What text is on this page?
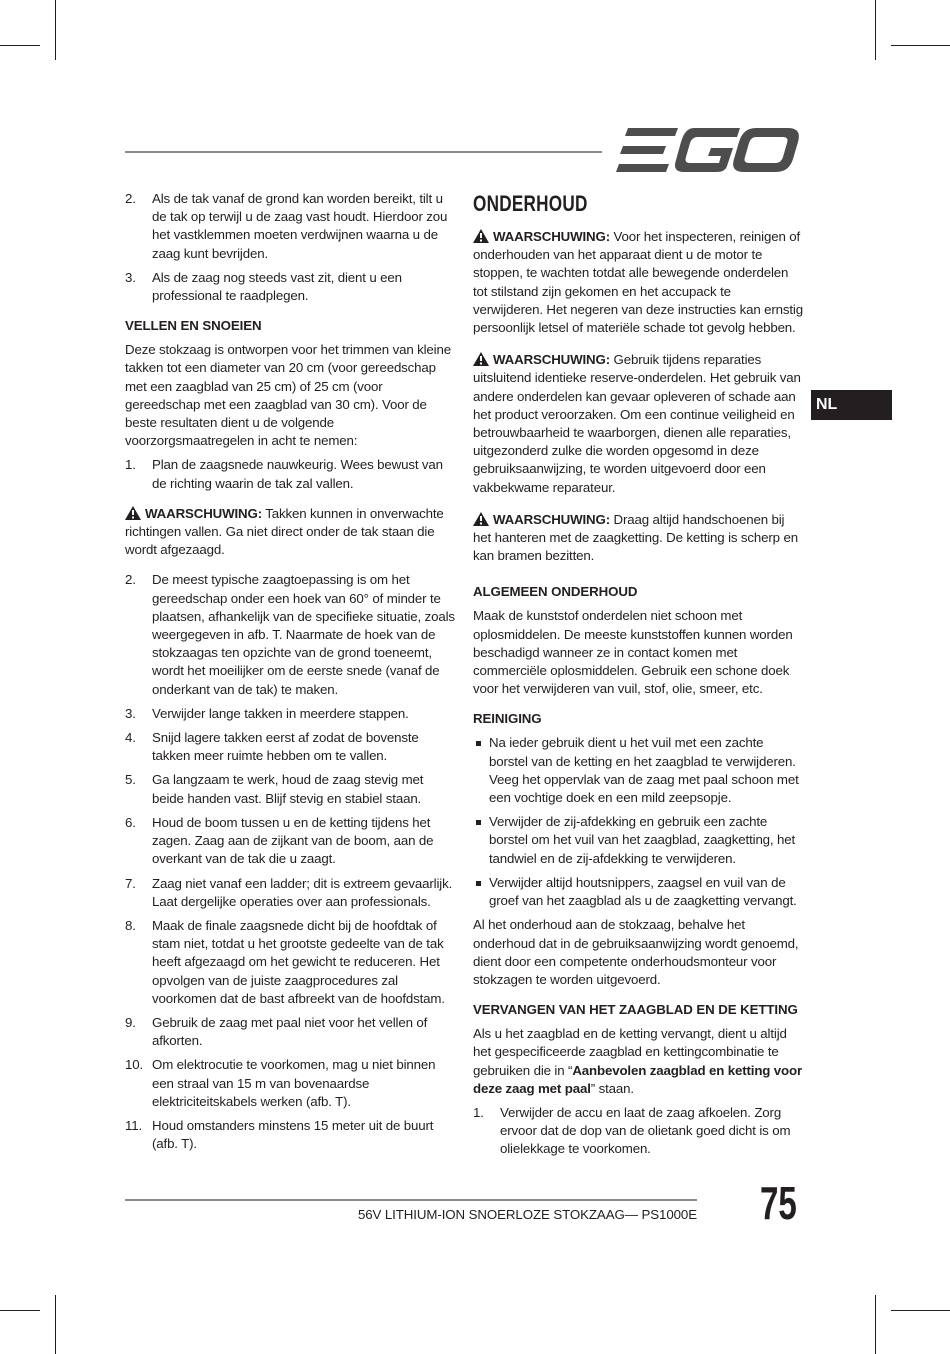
NL
2. Als de tak vanaf de grond kan worden bereikt, tilt u de tak op terwijl u de zaag vast houdt. Hierdoor zou het vastklemmen moeten verdwijnen waarna u de zaag kunt bevrijden.

3. Als de zaag nog steeds vast zit, dient u een professional te raadplegen.

VELLEN EN SNOEIEN

Deze stokzaag is ontworpen voor het trimmen van kleine takken tot een diameter van 20 cm (voor gereedschap met een zaagblad van 25 cm) of 25 cm (voor gereedschap met een zaagblad van 30 cm). Voor de beste resultaten dient u de volgende voorzorgsmaatregelen in acht te nemen:

1. Plan de zaagsnede nauwkeurig. Wees bewust van de richting waarin de tak zal vallen.

WAARSCHUWING: Takken kunnen in onverwachte richtingen vallen. Ga niet direct onder de tak staan die wordt afgezaagd.

2. De meest typische zaagtoepassing is om het gereedschap onder een hoek van 60° of minder te plaatsen, afhankelijk van de specifieke situatie, zoals weergegeven in afb. T. Naarmate de hoek van de stokzaagas ten opzichte van de grond toeneemt, wordt het moeilijker om de eerste snede (vanaf de onderkant van de tak) te maken.

3. Verwijder lange takken in meerdere stappen.

4. Snijd lagere takken eerst af zodat de bovenste takken meer ruimte hebben om te vallen.

5. Ga langzaam te werk, houd de zaag stevig met beide handen vast. Blijf stevig en stabiel staan.

6. Houd de boom tussen u en de ketting tijdens het zagen. Zaag aan de zijkant van de boom, aan de overkant van de tak die u zaagt.

7. Zaag niet vanaf een ladder; dit is extreem gevaarlijk. Laat dergelijke operaties over aan professionals.

8. Maak de finale zaagsnede dicht bij de hoofdtak of stam niet, totdat u het grootste gedeelte van de tak heeft afgezaagd om het gewicht te reduceren. Het opvolgen van de juiste zaagprocedures zal voorkomen dat de bast afbreekt van de hoofdstam.

9. Gebruik de zaag met paal niet voor het vellen of afkorten.

10. Om elektrocutie te voorkomen, mag u niet binnen een straal van 15 m van bovenaardse elektriciteitskabels werken (afb. T).

11. Houd omstanders minstens 15 meter uit de buurt (afb. T).

ONDERHOUD

WAARSCHUWING: Voor het inspecteren, reinigen of onderhouden van het apparaat dient u de motor te stoppen, te wachten totdat alle bewegende onderdelen tot stilstand zijn gekomen en het accupack te verwijderen. Het negeren van deze instructies kan ernstig persoonlijk letsel of materiële schade tot gevolg hebben.

WAARSCHUWING: Gebruik tijdens reparaties uitsluitend identieke reserve-onderdelen. Het gebruik van andere onderdelen kan gevaar opleveren of schade aan het product veroorzaken. Om een continue veiligheid en betrouwbaarheid te waarborgen, dienen alle reparaties, uitgezonderd zulke die worden opgesomd in deze gebruiksaanwijzing, te worden uitgevoerd door een vakbekwame reparateur.

WAARSCHUWING: Draag altijd handschoenen bij het hanteren met de zaagketting. De ketting is scherp en kan bramen bezitten.

ALGEMEEN ONDERHOUD

Maak de kunststof onderdelen niet schoon met oplosmiddelen. De meeste kunststoffen kunnen worden beschadigd wanneer ze in contact komen met commerciële oplosmiddelen. Gebruik een schone doek voor het verwijderen van vuil, stof, olie, smeer, etc.

REINIGING

Na ieder gebruik dient u het vuil met een zachte borstel van de ketting en het zaagblad te verwijderen. Veeg het oppervlak van de zaag met paal schoon met een vochtige doek en een mild zeepsopje.

Verwijder de zij-afdekking en gebruik een zachte borstel om het vuil van het zaagblad, zaagketting, het tandwiel en de zij-afdekking te verwijderen.

Verwijder altijd houtsnippers, zaagsel en vuil van de groef van het zaagblad als u de zaagketting vervangt.

Al het onderhoud aan de stokzaag, behalve het onderhoud dat in de gebruiksaanwijzing wordt genoemd, dient door een competente onderhoudsmonteur voor stokzagen te worden uitgevoerd.

VERVANGEN VAN HET ZAAGBLAD EN DE KETTING

Als u het zaagblad en de ketting vervangt, dient u altijd het gespecificeerde zaagblad en kettingcombinatie te gebruiken die in “Aanbevolen zaagblad en ketting voor deze zaag met paal” staan.

1. Verwijder de accu en laat de zaag afkoelen. Zorg ervoor dat de dop van de olietank goed dicht is om olielekkage te voorkomen.

56V LITHIUM-ION SNOERLOZE STOKZAAG— PS1000E 75
